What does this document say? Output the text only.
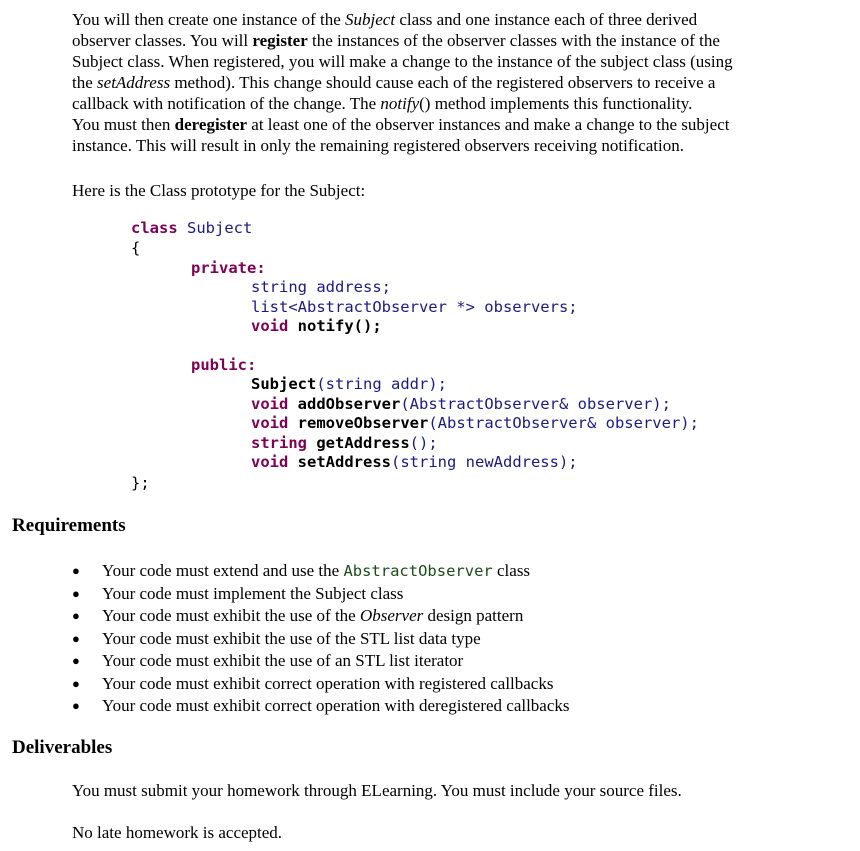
You will then create one instance of the Subject class and one instance each of three derived
observer classes. You will register the instances of the observer classes with the instance of the
Subject class. When registered, you will make a change to the instance of the subject class (using
the setAddress method). This change should cause each of the registered observers to receive a
callback with notification of the change. The notify() method implements this functionality.
You must then deregister at least one of the observer instances and make a change to the subject
instance. This will result in only the remaining registered observers receiving notification.
Here is the Class prototype for the Subject:
class Subject
{
private:
string address;
list<AbstractObserver *> observers;
void notify();
public:
Subject(string addr);
void addObserver(AbstractObserver& observer);
void removeObserver(AbstractObserver& observer);
string getAddress();
void setAddress(string newAddress);
};
Requirements
● Your code must extend and use the AbstractObserver class
● Your code must implement the Subject class
● Your code must exhibit the use of the Observer design pattern
● Your code must exhibit the use of the STL list data type
● Your code must exhibit the use of an STL list iterator
● Your code must exhibit correct operation with registered callbacks
● Your code must exhibit correct operation with deregistered callbacks
Deliverables
You must submit your homework through ELearning. You must include your source files.
No late homework is accepted.
